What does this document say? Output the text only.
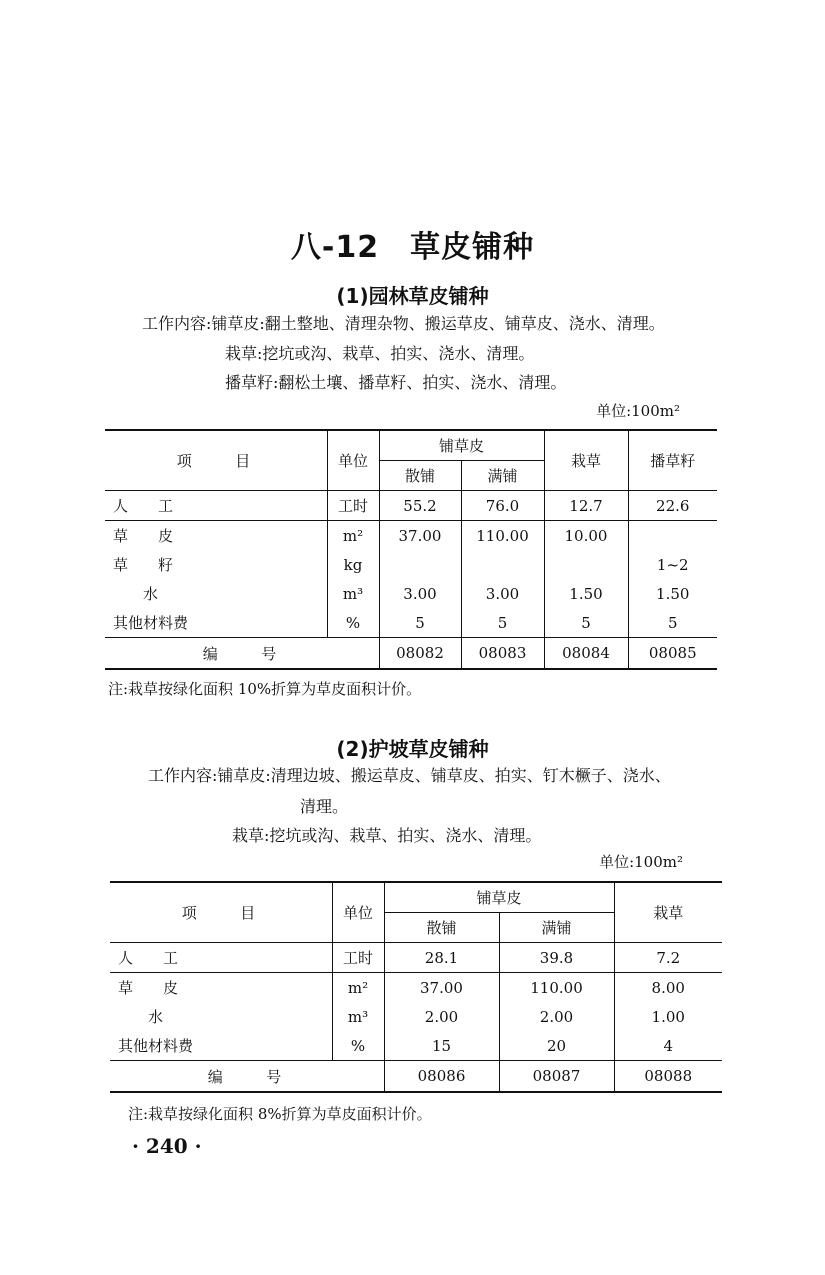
八-12　草皮铺种
(1)园林草皮铺种
工作内容:铺草皮:翻土整地、清理杂物、搬运草皮、铺草皮、浇水、清理。
栽草:挖坑或沟、栽草、拍实、浇水、清理。
播草籽:翻松土壤、播草籽、拍实、浇水、清理。
单位:100m²
项　　目	单位	铺草皮		栽草	播草籽
		散铺	满铺		
人　　工	工时	55.2	76.0	12.7	22.6
草　　皮	m²	37.00	110.00	10.00	
草　　籽	kg				1~2
　　水	m³	3.00	3.00	1.50	1.50
其他材料费	%	5	5	5	5
编　　号		08082	08083	08084	08085
注:栽草按绿化面积 10%折算为草皮面积计价。
(2)护坡草皮铺种
工作内容:铺草皮:清理边坡、搬运草皮、铺草皮、拍实、钉木橛子、浇水、
清理。
栽草:挖坑或沟、栽草、拍实、浇水、清理。
单位:100m²
项　　目	单位	铺草皮		栽草
		散铺	满铺	
人　　工	工时	28.1	39.8	7.2
草　　皮	m²	37.00	110.00	8.00
　　水	m³	2.00	2.00	1.00
其他材料费	%	15	20	4
编　　号		08086	08087	08088
注:栽草按绿化面积 8%折算为草皮面积计价。
· 240 ·
